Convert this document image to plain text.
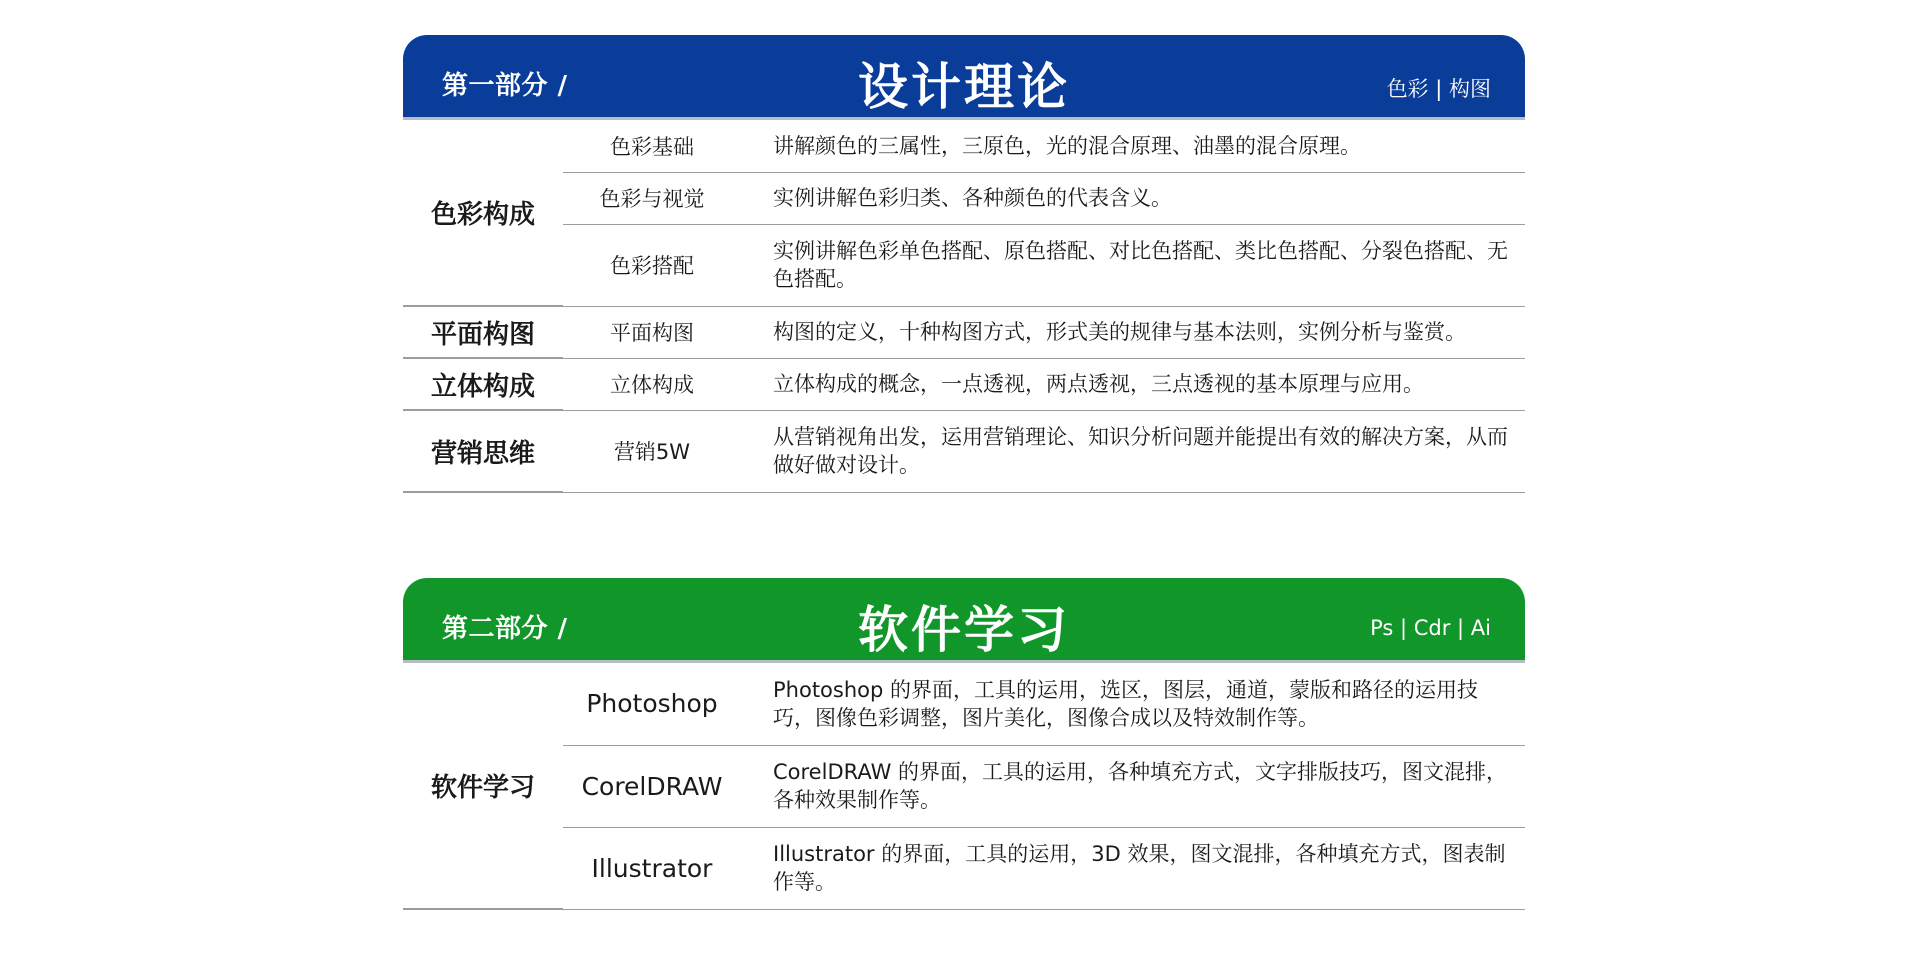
第一部分 /	设计理论	色彩 | 构图
色彩构成	色彩基础	讲解颜色的三属性，三原色，光的混合原理、油墨的混合原理。
	色彩与视觉	实例讲解色彩归类、各种颜色的代表含义。
	色彩搭配	实例讲解色彩单色搭配、原色搭配、对比色搭配、类比色搭配、分裂色搭配、无色搭配。
平面构图	平面构图	构图的定义，十种构图方式，形式美的规律与基本法则，实例分析与鉴赏。
立体构成	立体构成	立体构成的概念，一点透视，两点透视，三点透视的基本原理与应用。
营销思维	营销5W	从营销视角出发，运用营销理论、知识分析问题并能提出有效的解决方案，从而做好做对设计。
第二部分 /	软件学习	Ps | Cdr | Ai
软件学习	Photoshop	Photoshop 的界面，工具的运用，选区，图层，通道，蒙版和路径的运用技巧，图像色彩调整，图片美化，图像合成以及特效制作等。
	CorelDRAW	CorelDRAW 的界面，工具的运用，各种填充方式，文字排版技巧，图文混排，各种效果制作等。
	Illustrator	Illustrator 的界面，工具的运用，3D 效果，图文混排，各种填充方式，图表制作等。
